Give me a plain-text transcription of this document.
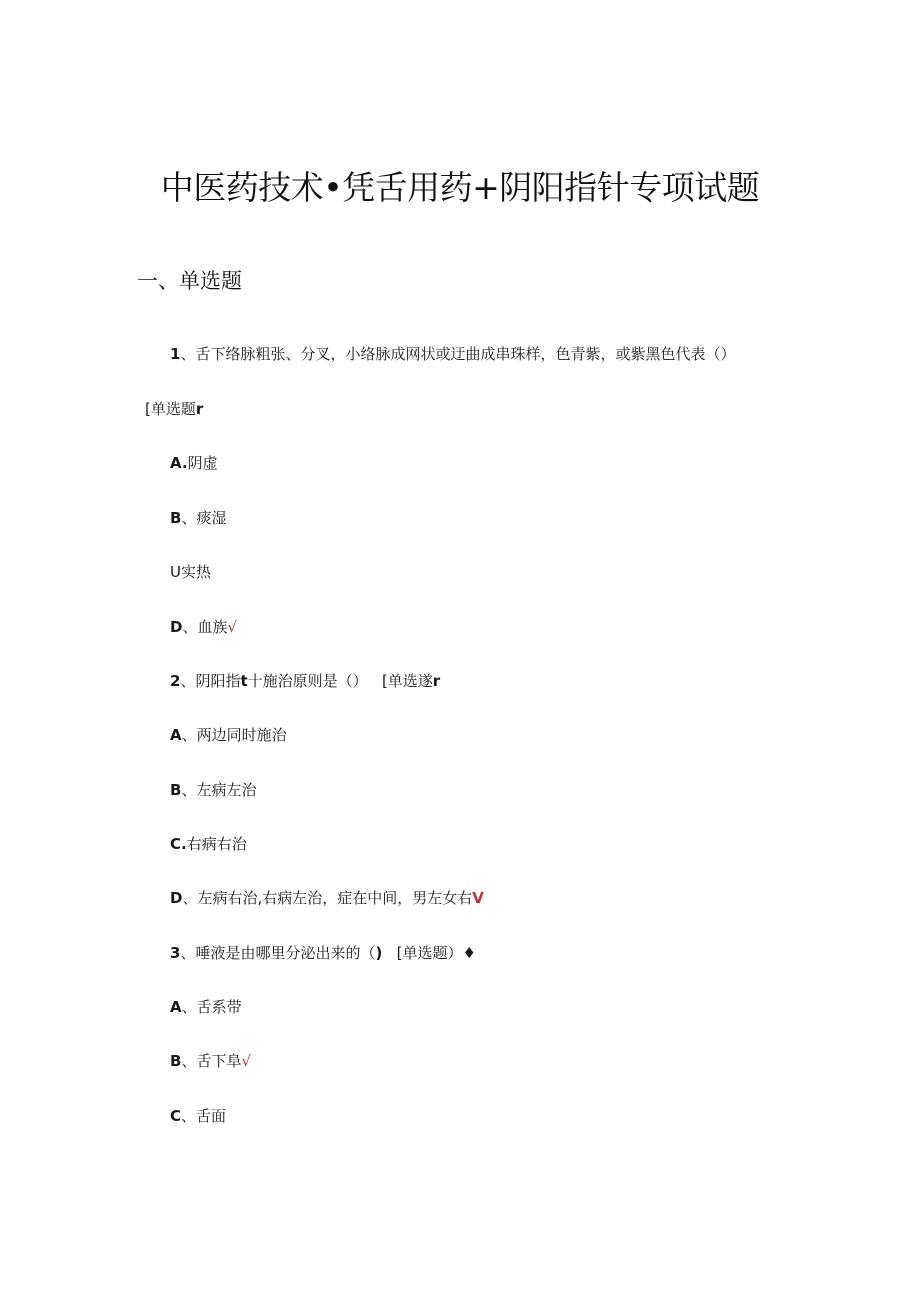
中医药技术•凭舌用药+阴阳指针专项试题
一、单选题
1、舌下络脉粗张、分叉，小络脉成网状或迂曲成串珠样，色青紫，或紫黑色代表（）
[单选题r
A.阴虚
B、痰湿
U实热
D、血族√
2、阴阳指t十施治原则是（）   [单选遂r
A、两边同时施治
B、左病左治
C.右病右治
D、左病右治,右病左治，症在中间，男左女右V
3、唾液是由哪里分泌出来的（)   [单选题）♦
A、舌系带
B、舌下阜√
C、舌面
